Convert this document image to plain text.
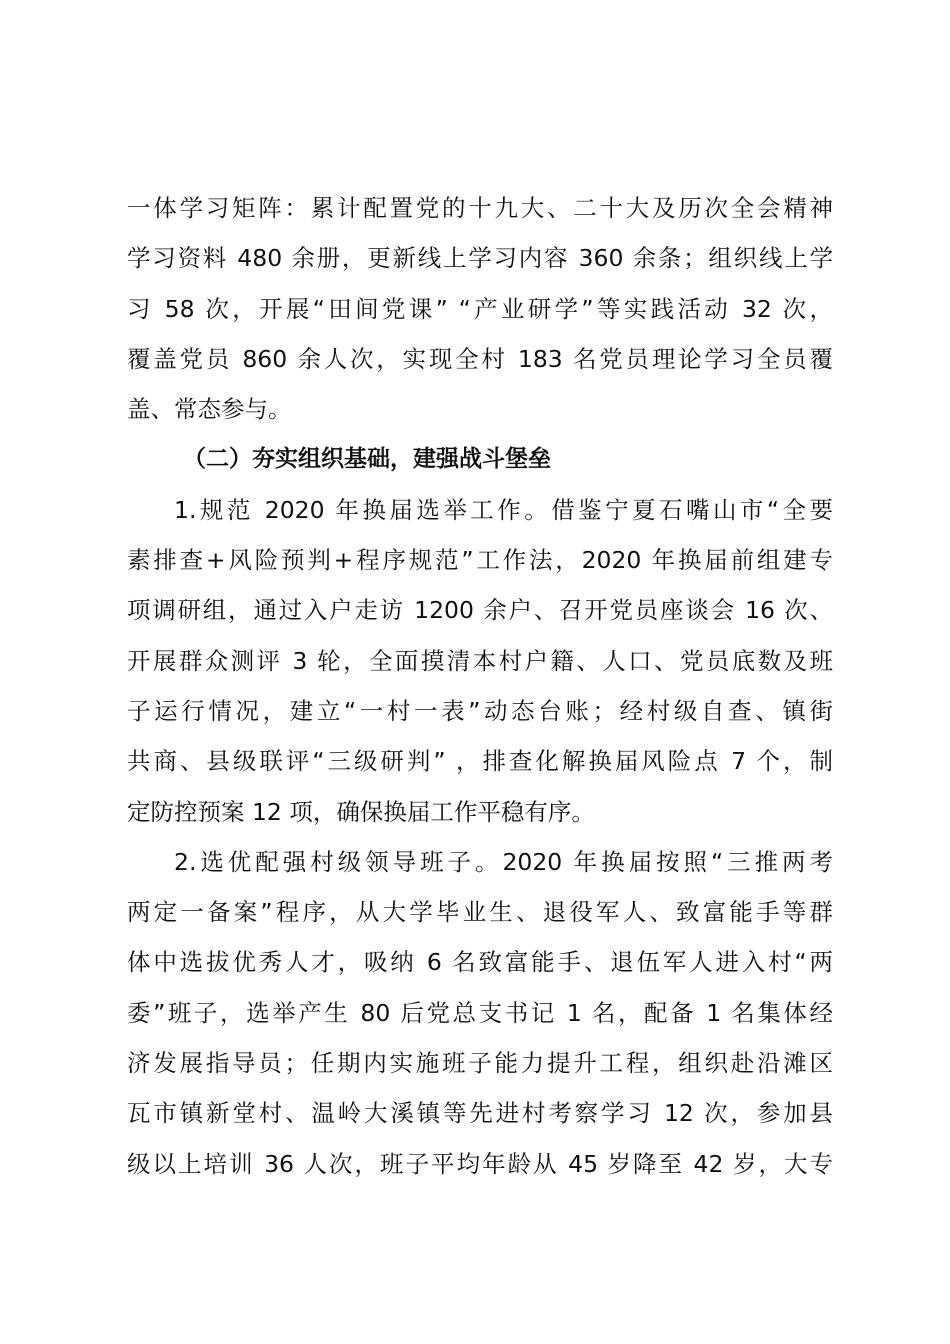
一体学习矩阵：累计配置党的十九大、二十大及历次全会精神
学习资料 480 余册，更新线上学习内容 360 余条；组织线上学
习 58 次，开展“田间党课” “产业研学”等实践活动 32 次，
覆盖党员 860 余人次，实现全村 183 名党员理论学习全员覆
盖、常态参与。
（二）夯实组织基础，建强战斗堡垒
1.规范 2020 年换届选举工作。借鉴宁夏石嘴山市“全要
素排查+风险预判+程序规范”工作法，2020 年换届前组建专
项调研组，通过入户走访 1200 余户、召开党员座谈会 16 次、
开展群众测评 3 轮，全面摸清本村户籍、人口、党员底数及班
子运行情况，建立“一村一表”动态台账；经村级自查、镇街
共商、县级联评“三级研判” ，排查化解换届风险点 7 个，制
定防控预案 12 项，确保换届工作平稳有序。
2.选优配强村级领导班子。2020 年换届按照“三推两考
两定一备案”程序，从大学毕业生、退役军人、致富能手等群
体中选拔优秀人才，吸纳 6 名致富能手、退伍军人进入村“两
委”班子，选举产生 80 后党总支书记 1 名，配备 1 名集体经
济发展指导员；任期内实施班子能力提升工程，组织赴沿滩区
瓦市镇新堂村、温岭大溪镇等先进村考察学习 12 次，参加县
级以上培训 36 人次，班子平均年龄从 45 岁降至 42 岁，大专
